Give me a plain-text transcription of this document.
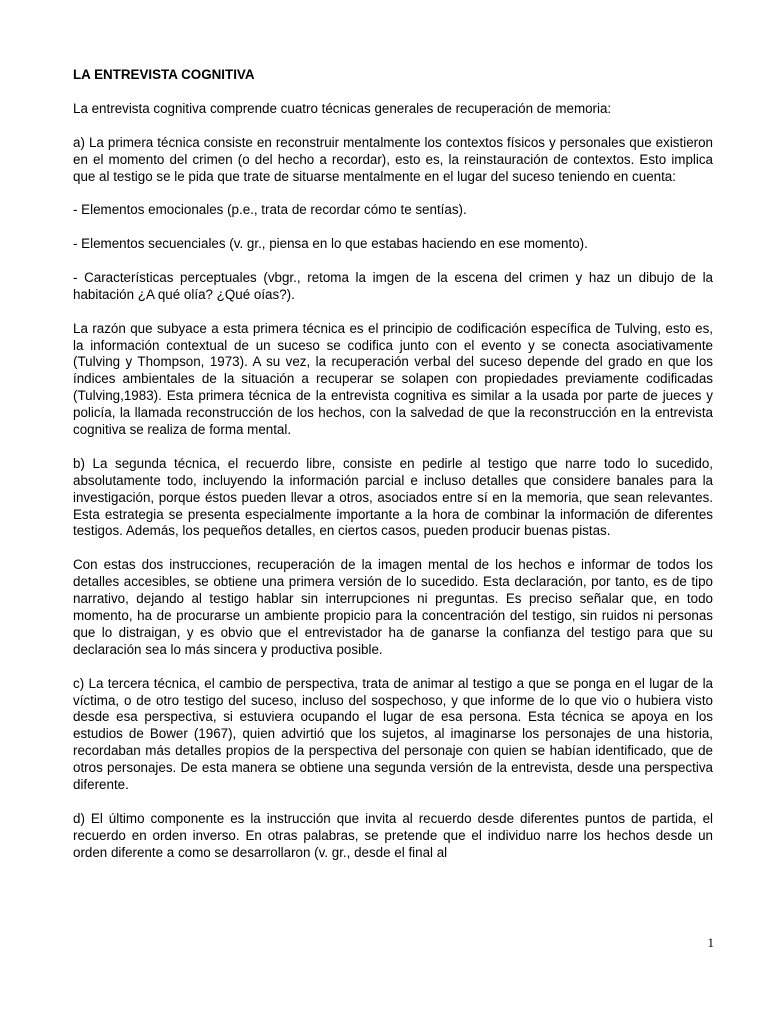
LA ENTREVISTA COGNITIVA

La entrevista cognitiva comprende cuatro técnicas generales de recuperación de memoria:

a) La primera técnica consiste en reconstruir mentalmente los contextos físicos y personales que existieron en el momento del crimen (o del hecho a recordar), esto es, la reinstauración de contextos. Esto implica que al testigo se le pida que trate de situarse mentalmente en el lugar del suceso teniendo en cuenta:

- Elementos emocionales (p.e., trata de recordar cómo te sentías).

- Elementos secuenciales (v. gr., piensa en lo que estabas haciendo en ese momento).

- Características perceptuales (vbgr., retoma la imgen de la escena del crimen y haz un dibujo de la habitación ¿A qué olía? ¿Qué oías?).

La razón que subyace a esta primera técnica es el principio de codificación específica de Tulving, esto es, la información contextual de un suceso se codifica junto con el evento y se conecta asociativamente (Tulving y Thompson, 1973). A su vez, la recuperación verbal del suceso depende del grado en que los índices ambientales de la situación a recuperar se solapen con propiedades previamente codificadas (Tulving,1983). Esta primera técnica de la entrevista cognitiva es similar a la usada por parte de jueces y policía, la llamada reconstrucción de los hechos, con la salvedad de que la reconstrucción en la entrevista cognitiva se realiza de forma mental.

b) La segunda técnica, el recuerdo libre, consiste en pedirle al testigo que narre todo lo sucedido, absolutamente todo, incluyendo la información parcial e incluso detalles que considere banales para la investigación, porque éstos pueden llevar a otros, asociados entre sí en la memoria, que sean relevantes. Esta estrategia se presenta especialmente importante a la hora de combinar la información de diferentes testigos. Además, los pequeños detalles, en ciertos casos, pueden producir buenas pistas.

Con estas dos instrucciones, recuperación de la imagen mental de los hechos e informar de todos los detalles accesibles, se obtiene una primera versión de lo sucedido. Esta declaración, por tanto, es de tipo narrativo, dejando al testigo hablar sin interrupciones ni preguntas. Es preciso señalar que, en todo momento, ha de procurarse un ambiente propicio para la concentración del testigo, sin ruidos ni personas que lo distraigan, y es obvio que el entrevistador ha de ganarse la confianza del testigo para que su declaración sea lo más sincera y productiva posible.

c) La tercera técnica, el cambio de perspectiva, trata de animar al testigo a que se ponga en el lugar de la víctima, o de otro testigo del suceso, incluso del sospechoso, y que informe de lo que vio o hubiera visto desde esa perspectiva, si estuviera ocupando el lugar de esa persona. Esta técnica se apoya en los estudios de Bower (1967), quien advirtió que los sujetos, al imaginarse los personajes de una historia, recordaban más detalles propios de la perspectiva del personaje con quien se habían identificado, que de otros personajes. De esta manera se obtiene una segunda versión de la entrevista, desde una perspectiva diferente.

d) El último componente es la instrucción que invita al recuerdo desde diferentes puntos de partida, el recuerdo en orden inverso. En otras palabras, se pretende que el individuo narre los hechos desde un orden diferente a como se desarrollaron (v. gr., desde el final al

1
